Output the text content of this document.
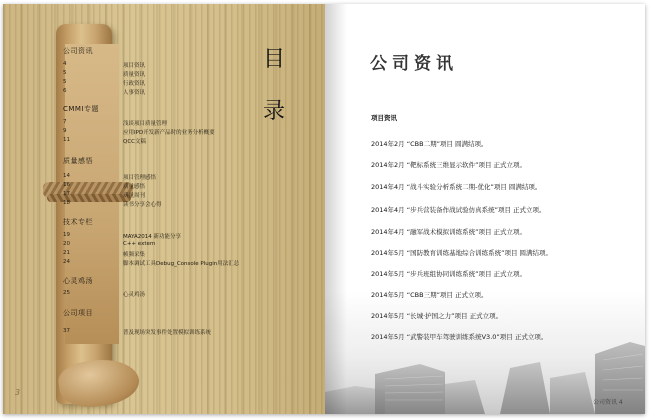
目
录
公司资讯
4	项目资讯
5	质量资讯
5	行政资讯
6	人事资讯
CMMI专题
7	浅谈项目质量管理
9	应用IPD开发新产品时的业务分析概要
11	QCC文稿
质量感悟
14	项目管理感悟
16	质量感悟
17	质量周刊
18	读书分享会心得
技术专栏
19	MAYA2014 新功能分享
20	C++ extern
21	帧频采集
24	脚本调试工具Debug_Console Plugin用法汇总
心灵鸡汤
25	心灵鸡汤
公司项目
37	普及现场突发事件处置模拟训练系统
3
公司资讯
项目资讯
2014年2月 “CBB二期”项目 圆满结项。
2014年2月 “靶标系统三维显示软件”项目 正式立项。
2014年4月 “战斗实验分析系统二期-优化”项目 圆满结项。
2014年4月 “步兵营装备作战试验仿真系统”项目 正式立项。
2014年4月 “融军战术模拟训练系统”项目 正式立项。
2014年5月 “国防教育训练基地综合训练系统”项目 圆满结项。
2014年5月 “步兵班组协同训练系统”项目 正式立项。
2014年5月 “CBB三期”项目 正式立项。
2014年5月 “长城·护国之力”项目 正式立项。
公司资讯 4
